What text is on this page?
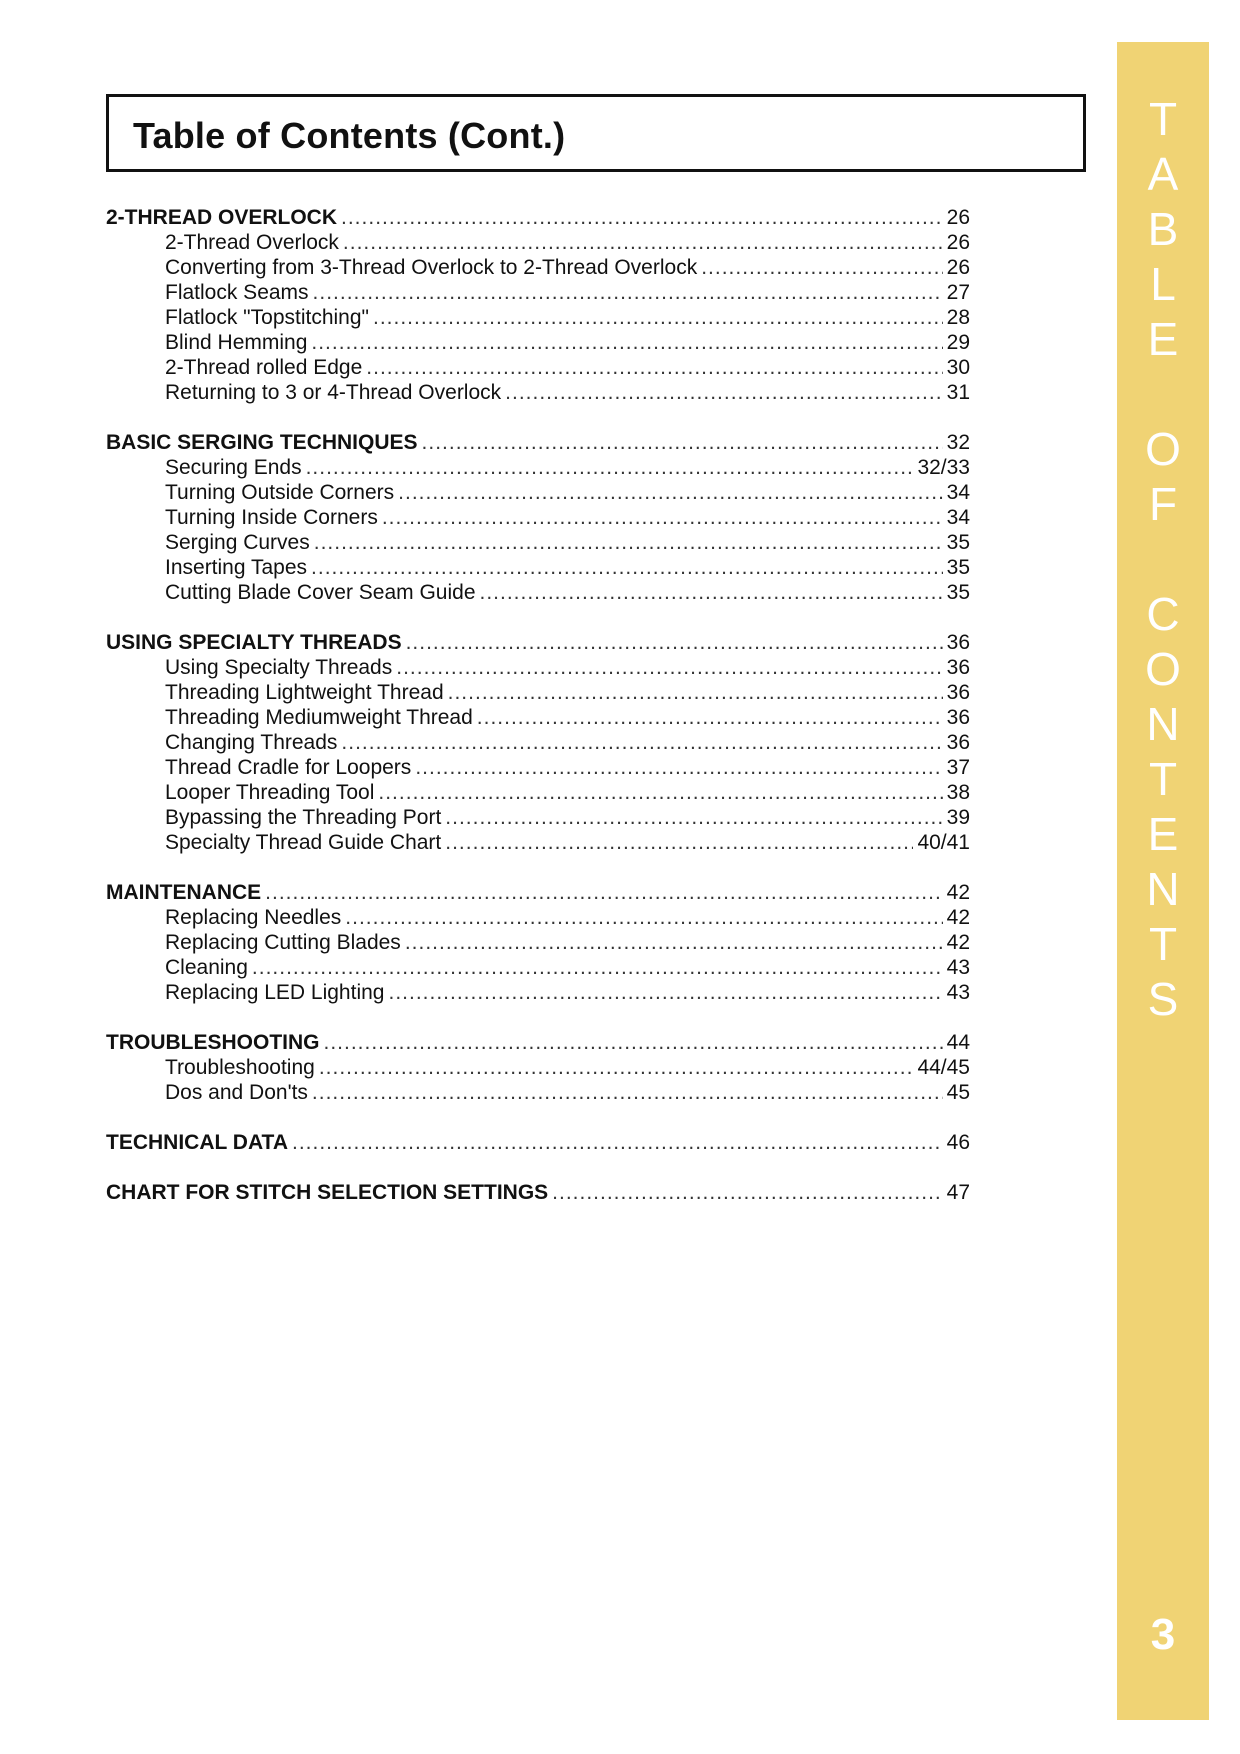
Table of Contents (Cont.)
2-THREAD OVERLOCK .....	26
2-Thread Overlock .....	26
Converting from 3-Thread Overlock to 2-Thread Overlock .....	26
Flatlock Seams .....	27
Flatlock "Topstitching" .....	28
Blind Hemming .....	29
2-Thread rolled Edge .....	30
Returning to 3 or 4-Thread Overlock .....	31
BASIC SERGING TECHNIQUES .....	32
Securing Ends .....	32/33
Turning Outside Corners .....	34
Turning Inside Corners .....	34
Serging Curves .....	35
Inserting Tapes .....	35
Cutting Blade Cover Seam Guide .....	35
USING SPECIALTY THREADS .....	36
Using Specialty Threads .....	36
Threading Lightweight Thread .....	36
Threading Mediumweight Thread .....	36
Changing Threads .....	36
Thread Cradle for Loopers .....	37
Looper Threading Tool .....	38
Bypassing the Threading Port .....	39
Specialty Thread Guide Chart .....	40/41
MAINTENANCE .....	42
Replacing Needles .....	42
Replacing Cutting Blades .....	42
Cleaning .....	43
Replacing LED Lighting .....	43
TROUBLESHOOTING .....	44
Troubleshooting .....	44/45
Dos and Don'ts .....	45
TECHNICAL DATA .....	46
CHART FOR STITCH SELECTION SETTINGS .....	47
T
A
B
L
E
O
F
C
O
N
T
E
N
T
S
3
